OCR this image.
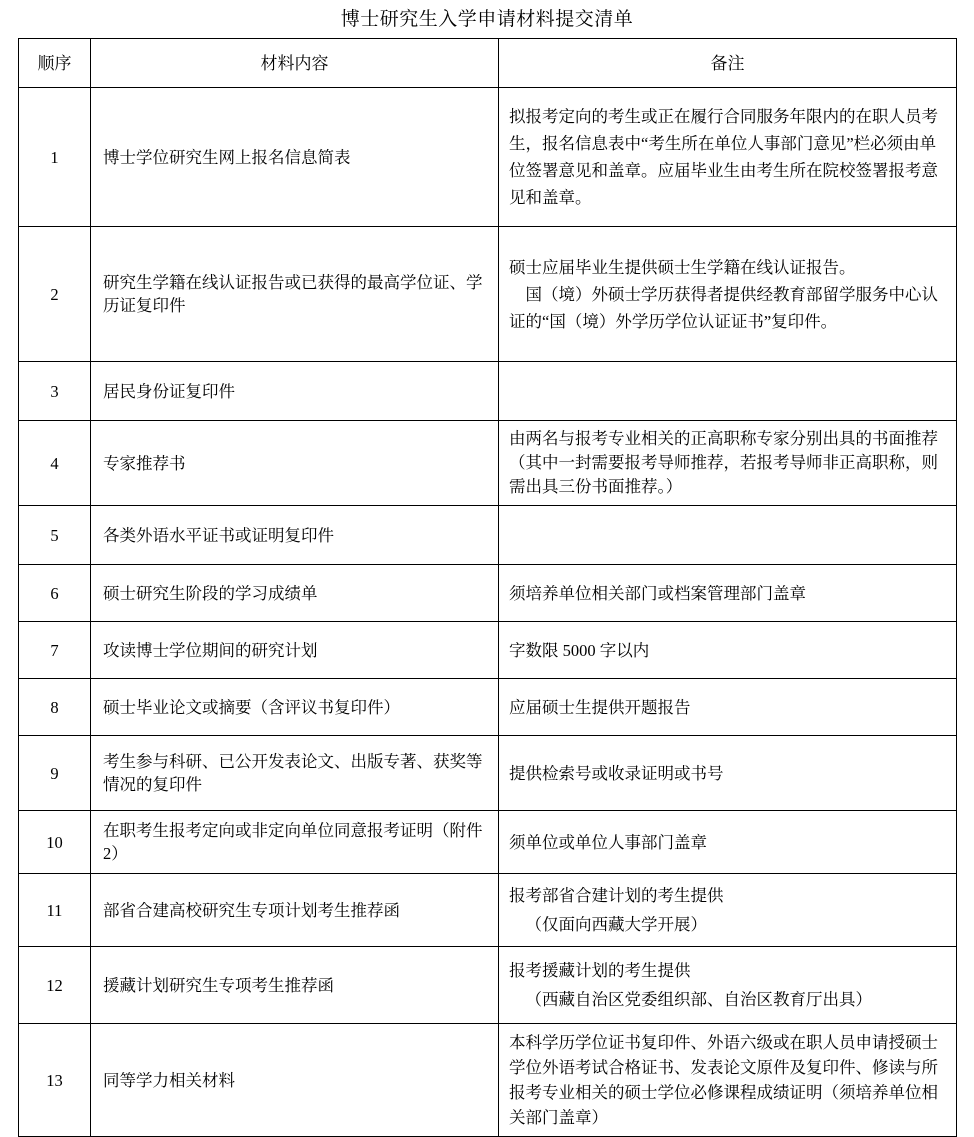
博士研究生入学申请材料提交清单
顺序	材料内容	备注
1	博士学位研究生网上报名信息简表	拟报考定向的考生或正在履行合同服务年限内的在职人员考生，报名信息表中“考生所在单位人事部门意见”栏必须由单位签署意见和盖章。应届毕业生由考生所在院校签署报考意见和盖章。

2	研究生学籍在线认证报告或已获得的最高学位证、学历证复印件	硕士应届毕业生提供硕士生学籍在线认证报告。
国（境）外硕士学历获得者提供经教育部留学服务中心认证的“国（境）外学历学位认证证书”复印件。

3	居民身份证复印件	
4	专家推荐书	由两名与报考专业相关的正高职称专家分别出具的书面推荐（其中一封需要报考导师推荐，若报考导师非正高职称，则需出具三份书面推荐。）

5	各类外语水平证书或证明复印件	
6	硕士研究生阶段的学习成绩单	须培养单位相关部门或档案管理部门盖章

7	攻读博士学位期间的研究计划	字数限 5000 字以内

8	硕士毕业论文或摘要（含评议书复印件）	应届硕士生提供开题报告

9	考生参与科研、已公开发表论文、出版专著、获奖等情况的复印件	提供检索号或收录证明或书号

10	在职考生报考定向或非定向单位同意报考证明（附件 2）	须单位或单位人事部门盖章

11	部省合建高校研究生专项计划考生推荐函	报考部省合建计划的考生提供
（仅面向西藏大学开展）

12	援藏计划研究生专项考生推荐函	报考援藏计划的考生提供
（西藏自治区党委组织部、自治区教育厅出具）

13	同等学力相关材料	本科学历学位证书复印件、外语六级或在职人员申请授硕士学位外语考试合格证书、发表论文原件及复印件、修读与所报考专业相关的硕士学位必修课程成绩证明（须培养单位相关部门盖章）
